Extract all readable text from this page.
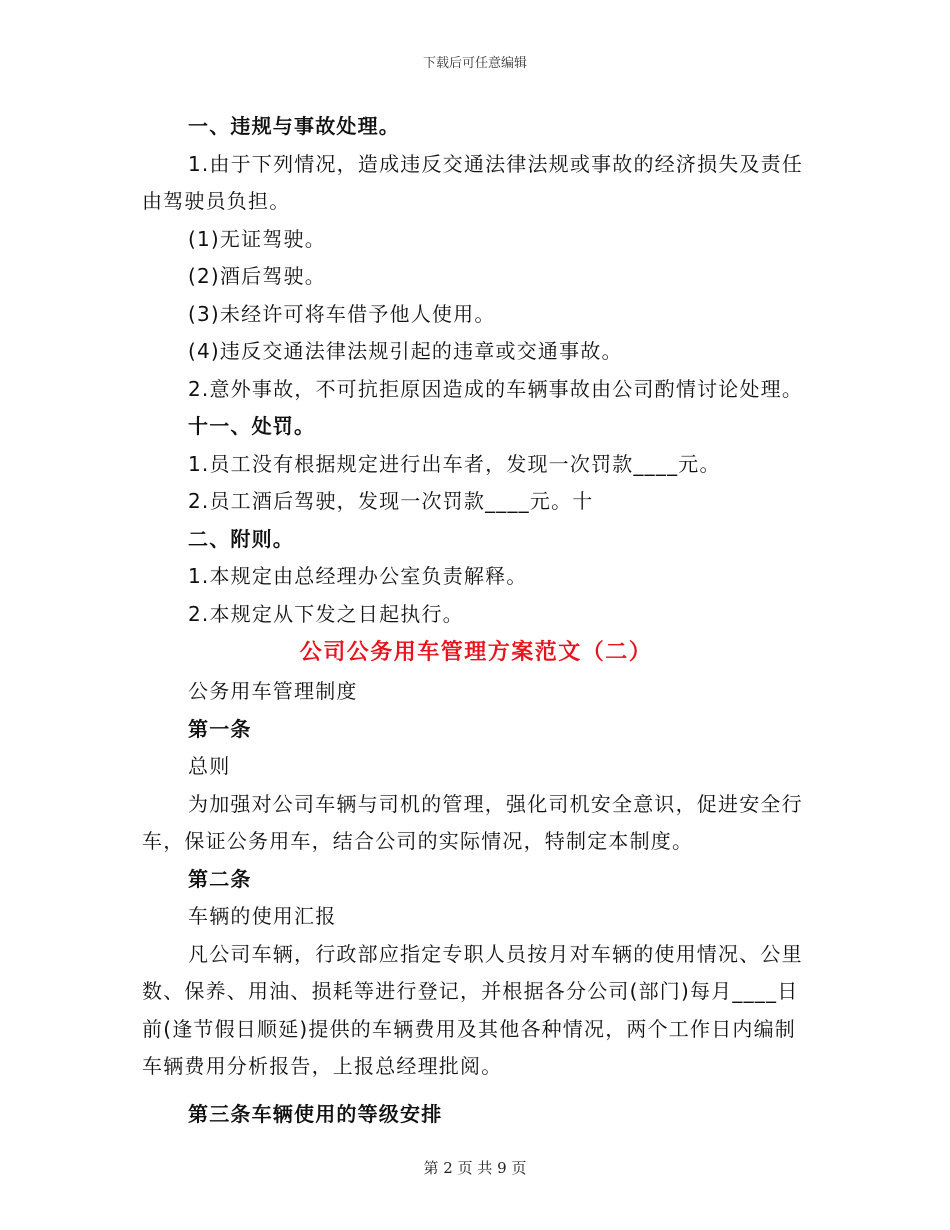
下载后可任意编辑

一、违规与事故处理。

1.由于下列情况，造成违反交通法律法规或事故的经济损失及责任由驾驶员负担。

(1)无证驾驶。

(2)酒后驾驶。

(3)未经许可将车借予他人使用。

(4)违反交通法律法规引起的违章或交通事故。

2.意外事故，不可抗拒原因造成的车辆事故由公司酌情讨论处理。

十一、处罚。

1.员工没有根据规定进行出车者，发现一次罚款____元。

2.员工酒后驾驶，发现一次罚款____元。十

二、附则。

1.本规定由总经理办公室负责解释。

2.本规定从下发之日起执行。

公司公务用车管理方案范文（二）

公务用车管理制度

第一条

总则

为加强对公司车辆与司机的管理，强化司机安全意识，促进安全行车，保证公务用车，结合公司的实际情况，特制定本制度。

第二条

车辆的使用汇报

凡公司车辆，行政部应指定专职人员按月对车辆的使用情况、公里数、保养、用油、损耗等进行登记，并根据各分公司(部门)每月____日前(逢节假日顺延)提供的车辆费用及其他各种情况，两个工作日内编制车辆费用分析报告，上报总经理批阅。

第三条车辆使用的等级安排

第 2 页 共 9 页
